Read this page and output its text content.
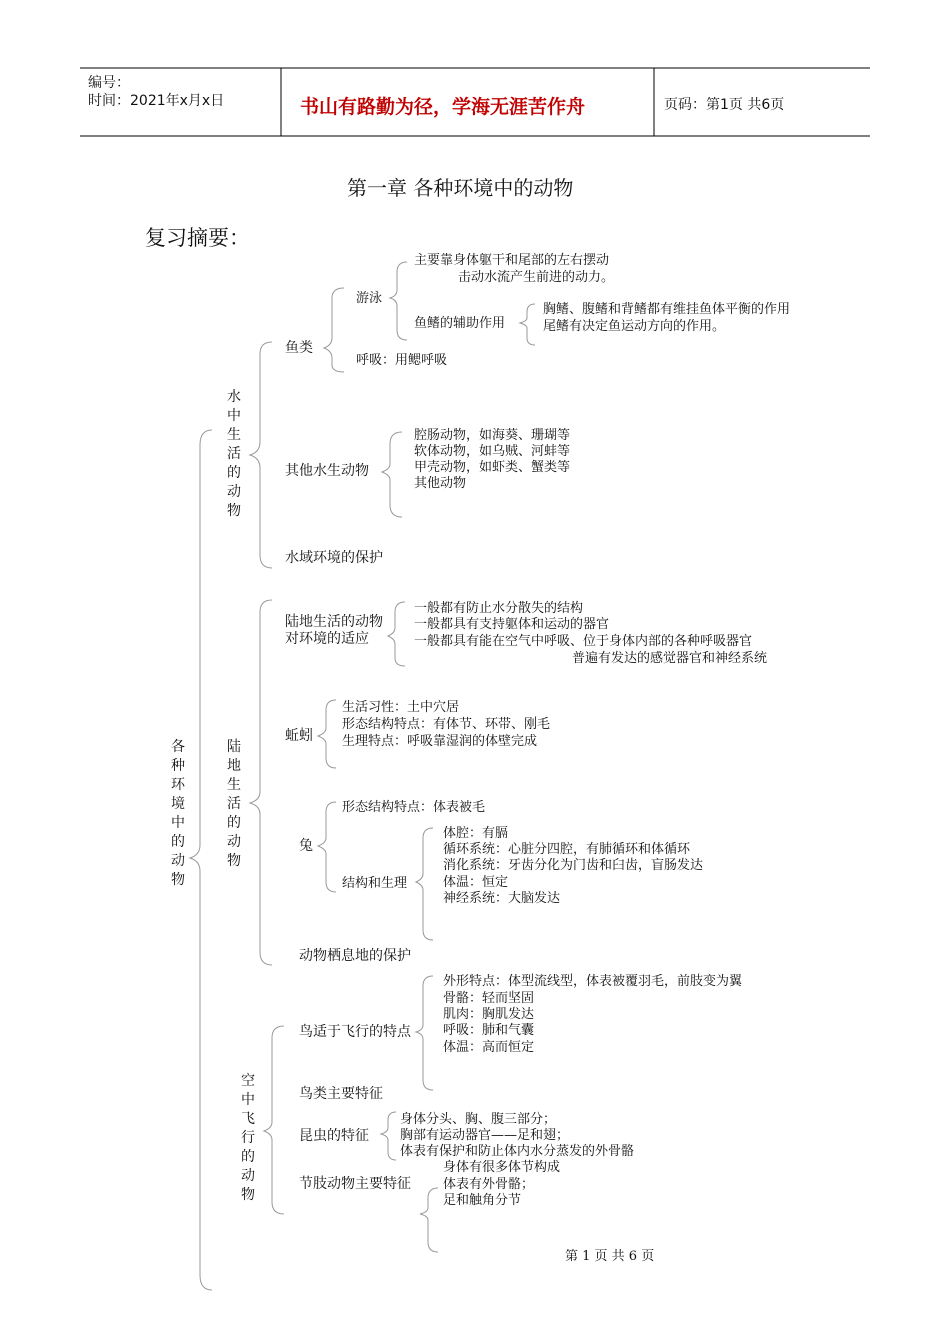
编号：
时间：2021年x月x日	书山有路勤为径，学海无涯苦作舟	页码：第1页 共6页
第一章 各种环境中的动物
复习摘要：
各种环境中的动物
水中生活的动物
鱼类
游泳
主要靠身体躯干和尾部的左右摆动
击动水流产生前进的动力。
鱼鳍的辅助作用
胸鳍、腹鳍和背鳍都有维挂鱼体平衡的作用
尾鳍有决定鱼运动方向的作用。
呼吸：用鳃呼吸
其他水生动物
腔肠动物，如海葵、珊瑚等
软体动物，如乌贼、河蚌等
甲壳动物，如虾类、蟹类等
其他动物
水域环境的保护
陆地生活的动物
陆地生活的动物
对环境的适应
一般都有防止水分散失的结构
一般都具有支持躯体和运动的器官
一般都具有能在空气中呼吸、位于身体内部的各种呼吸器官
普遍有发达的感觉器官和神经系统
蚯蚓
生活习性：土中穴居
形态结构特点：有体节、环带、刚毛
生理特点：呼吸靠湿润的体壁完成
兔
形态结构特点：体表被毛
结构和生理
体腔：有膈
循环系统：心脏分四腔，有肺循环和体循环
消化系统：牙齿分化为门齿和臼齿，盲肠发达
体温：恒定
神经系统：大脑发达
动物栖息地的保护
空中飞行的动物
鸟适于飞行的特点
外形特点：体型流线型，体表被覆羽毛，前肢变为翼
骨骼：轻而坚固
肌肉：胸肌发达
呼吸：肺和气囊
体温：高而恒定
鸟类主要特征
昆虫的特征
身体分头、胸、腹三部分；
胸部有运动器官——足和翅；
体表有保护和防止体内水分蒸发的外骨骼
节肢动物主要特征
身体有很多体节构成
体表有外骨骼；
足和触角分节
第 1 页 共 6 页
